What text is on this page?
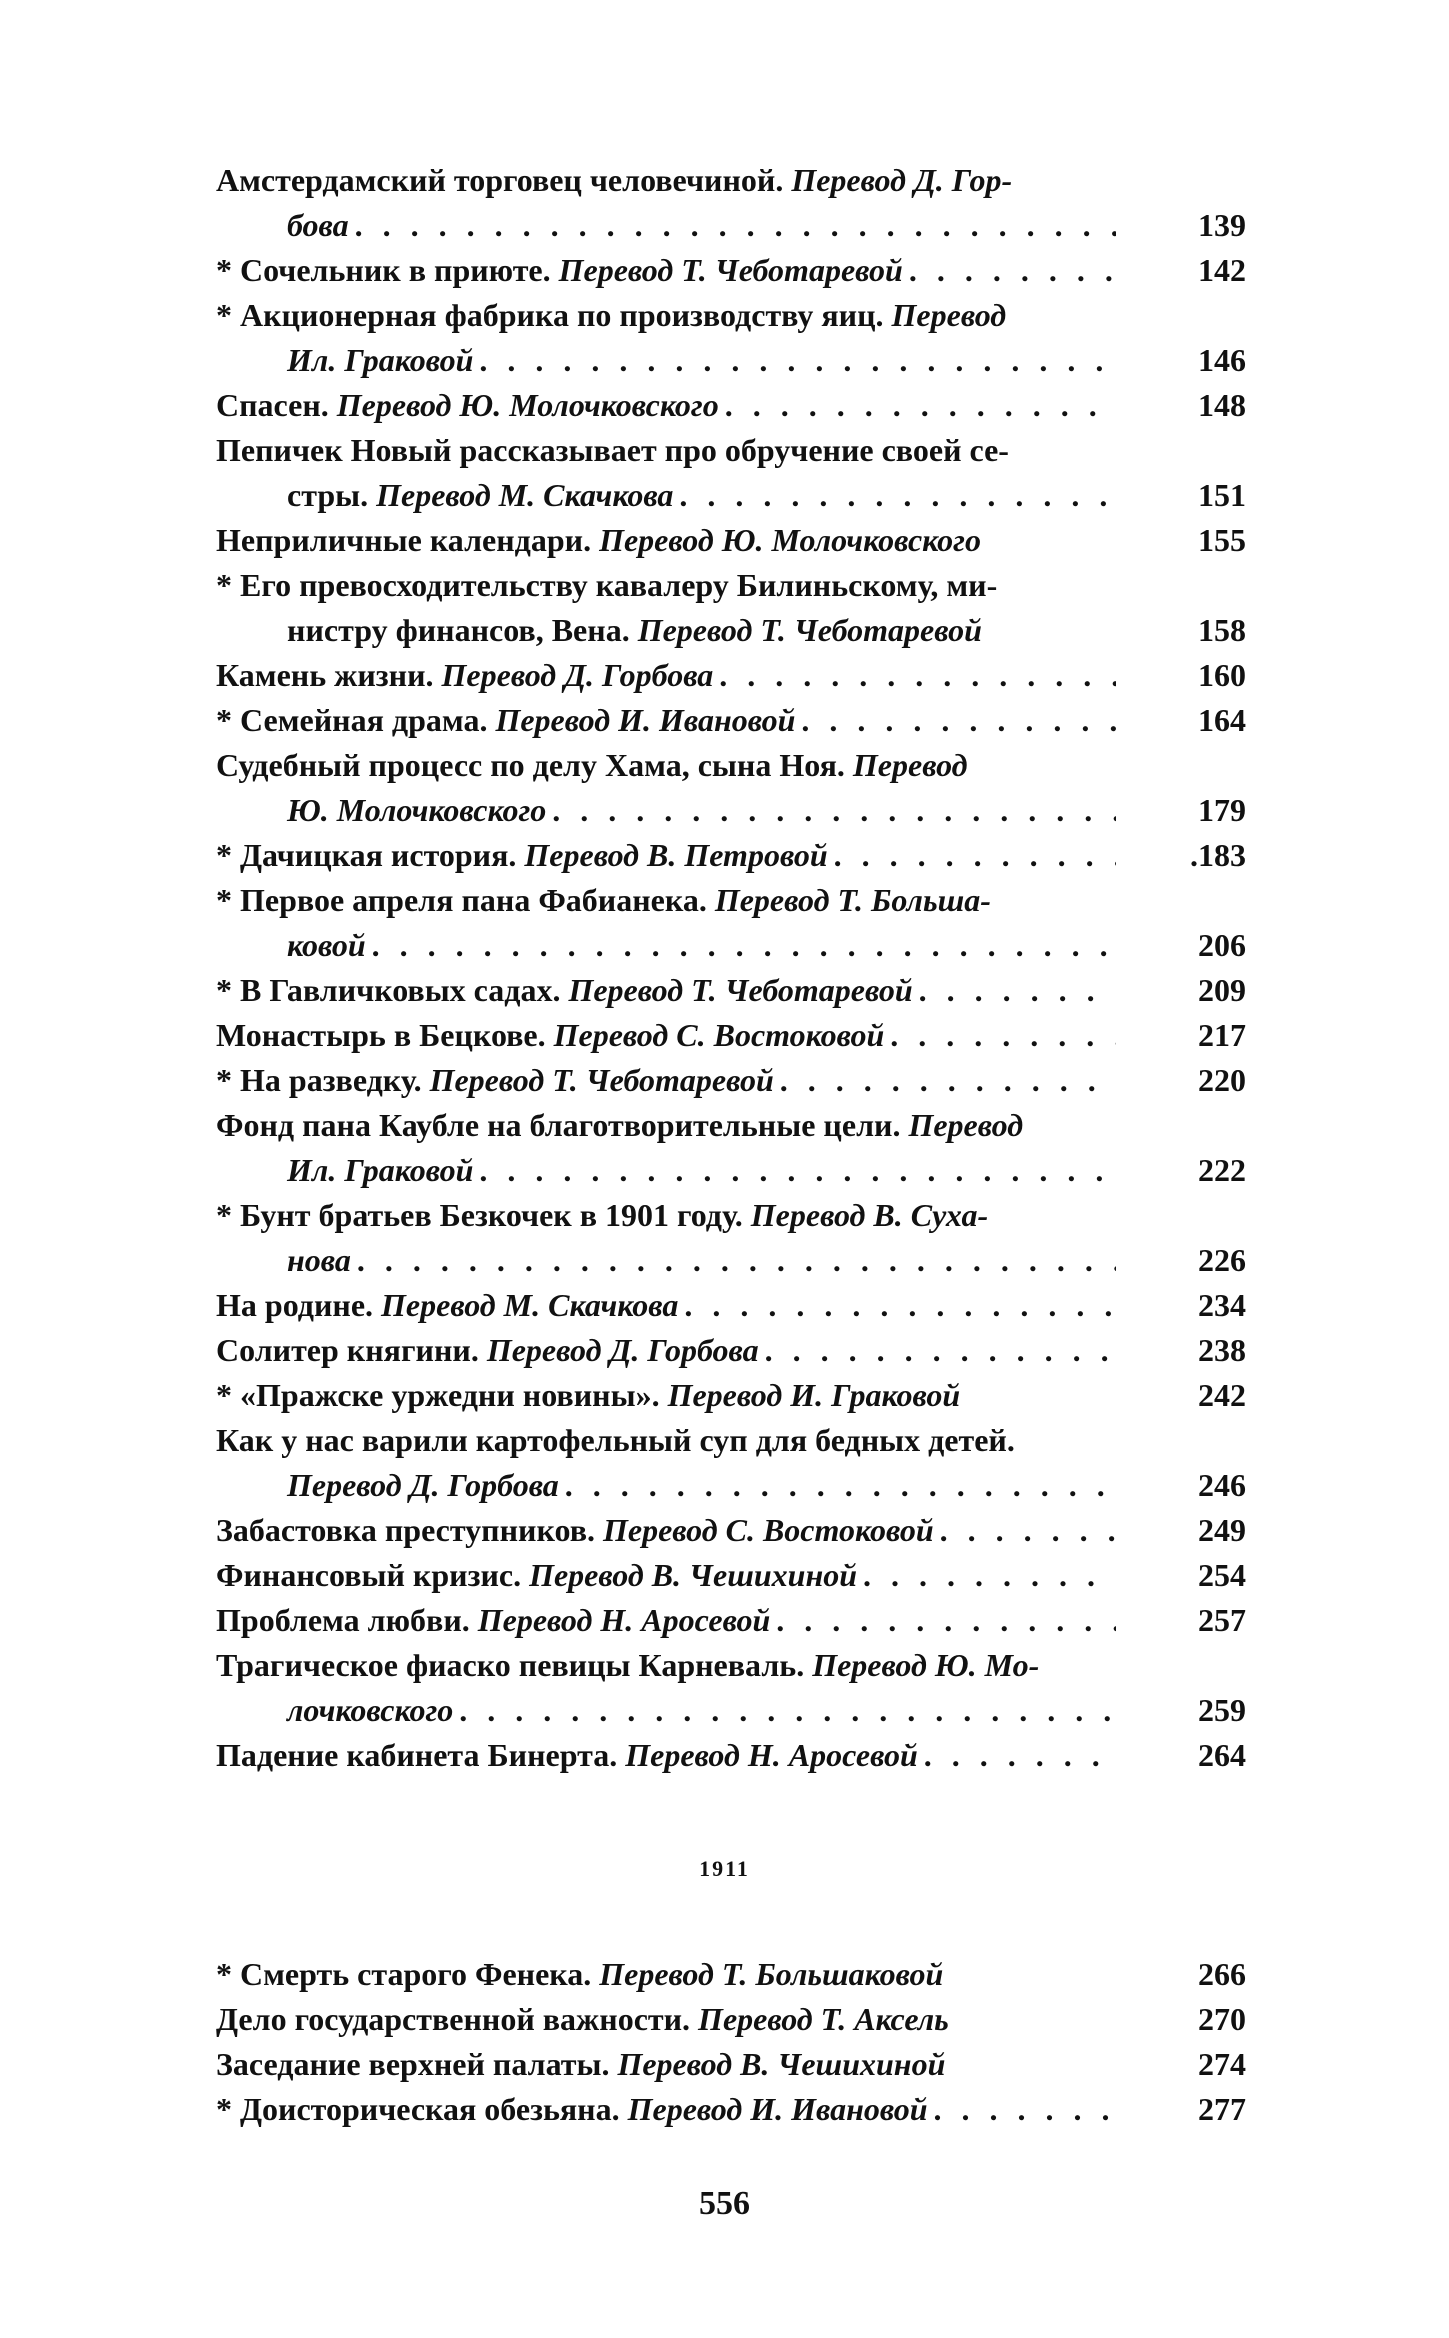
Амстердамский торговец человечиной. Перевод Д. Гор-
бова . . .	139
* Сочельник в приюте. Перевод Т. Чеботаревой . . .	142
* Акционерная фабрика по производству яиц. Перевод
Ил. Граковой . . .	146
Спасен. Перевод Ю. Молочковского . . .	148
Пепичек Новый рассказывает про обручение своей се-
стры. Перевод М. Скачкова . . .	151
Неприличные календари. Перевод Ю. Молочковского	155
* Его превосходительству кавалеру Билиньскому, ми-
нистру финансов, Вена. Перевод Т. Чеботаревой	158
Камень жизни. Перевод Д. Горбова . . .	160
* Семейная драма. Перевод И. Ивановой . . .	164
Судебный процесс по делу Хама, сына Ноя. Перевод
Ю. Молочковского . . .	179
* Дачицкая история. Перевод В. Петровой . . .	.183
* Первое апреля пана Фабианека. Перевод Т. Большa-
ковой . . .	206
* В Гавличковых садах. Перевод Т. Чеботаревой . . .	209
Монастырь в Бецкове. Перевод С. Востоковой . . .	217
* На разведку. Перевод Т. Чеботаревой . . .	220
Фонд пана Каубле на благотворительные цели. Перевод
Ил. Граковой . . .	222
* Бунт братьев Безкочек в 1901 году. Перевод В. Суха-
нова . . .	226
На родине. Перевод М. Скачкова . . .	234
Солитер княгини. Перевод Д. Горбова . . .	238
* «Пражске уржедни новины». Перевод И. Граковой	242
Как у нас варили картофельный суп для бедных детей.
Перевод Д. Горбова . . .	246
Забастовка преступников. Перевод С. Востоковой . . .	249
Финансовый кризис. Перевод В. Чешихиной . . .	254
Проблема любви. Перевод Н. Аросевой . . .	257
Трагическое фиаско певицы Карневаль. Перевод Ю. Мо-
лочковского . . .	259
Падение кабинета Бинерта. Перевод Н. Аросевой . . .	264
1911
* Смерть старого Фенека. Перевод Т. Большаковой	266
Дело государственной важности. Перевод Т. Аксель	270
Заседание верхней палаты. Перевод В. Чешихиной	274
* Доисторическая обезьяна. Перевод И. Ивановой . . .	277
556
